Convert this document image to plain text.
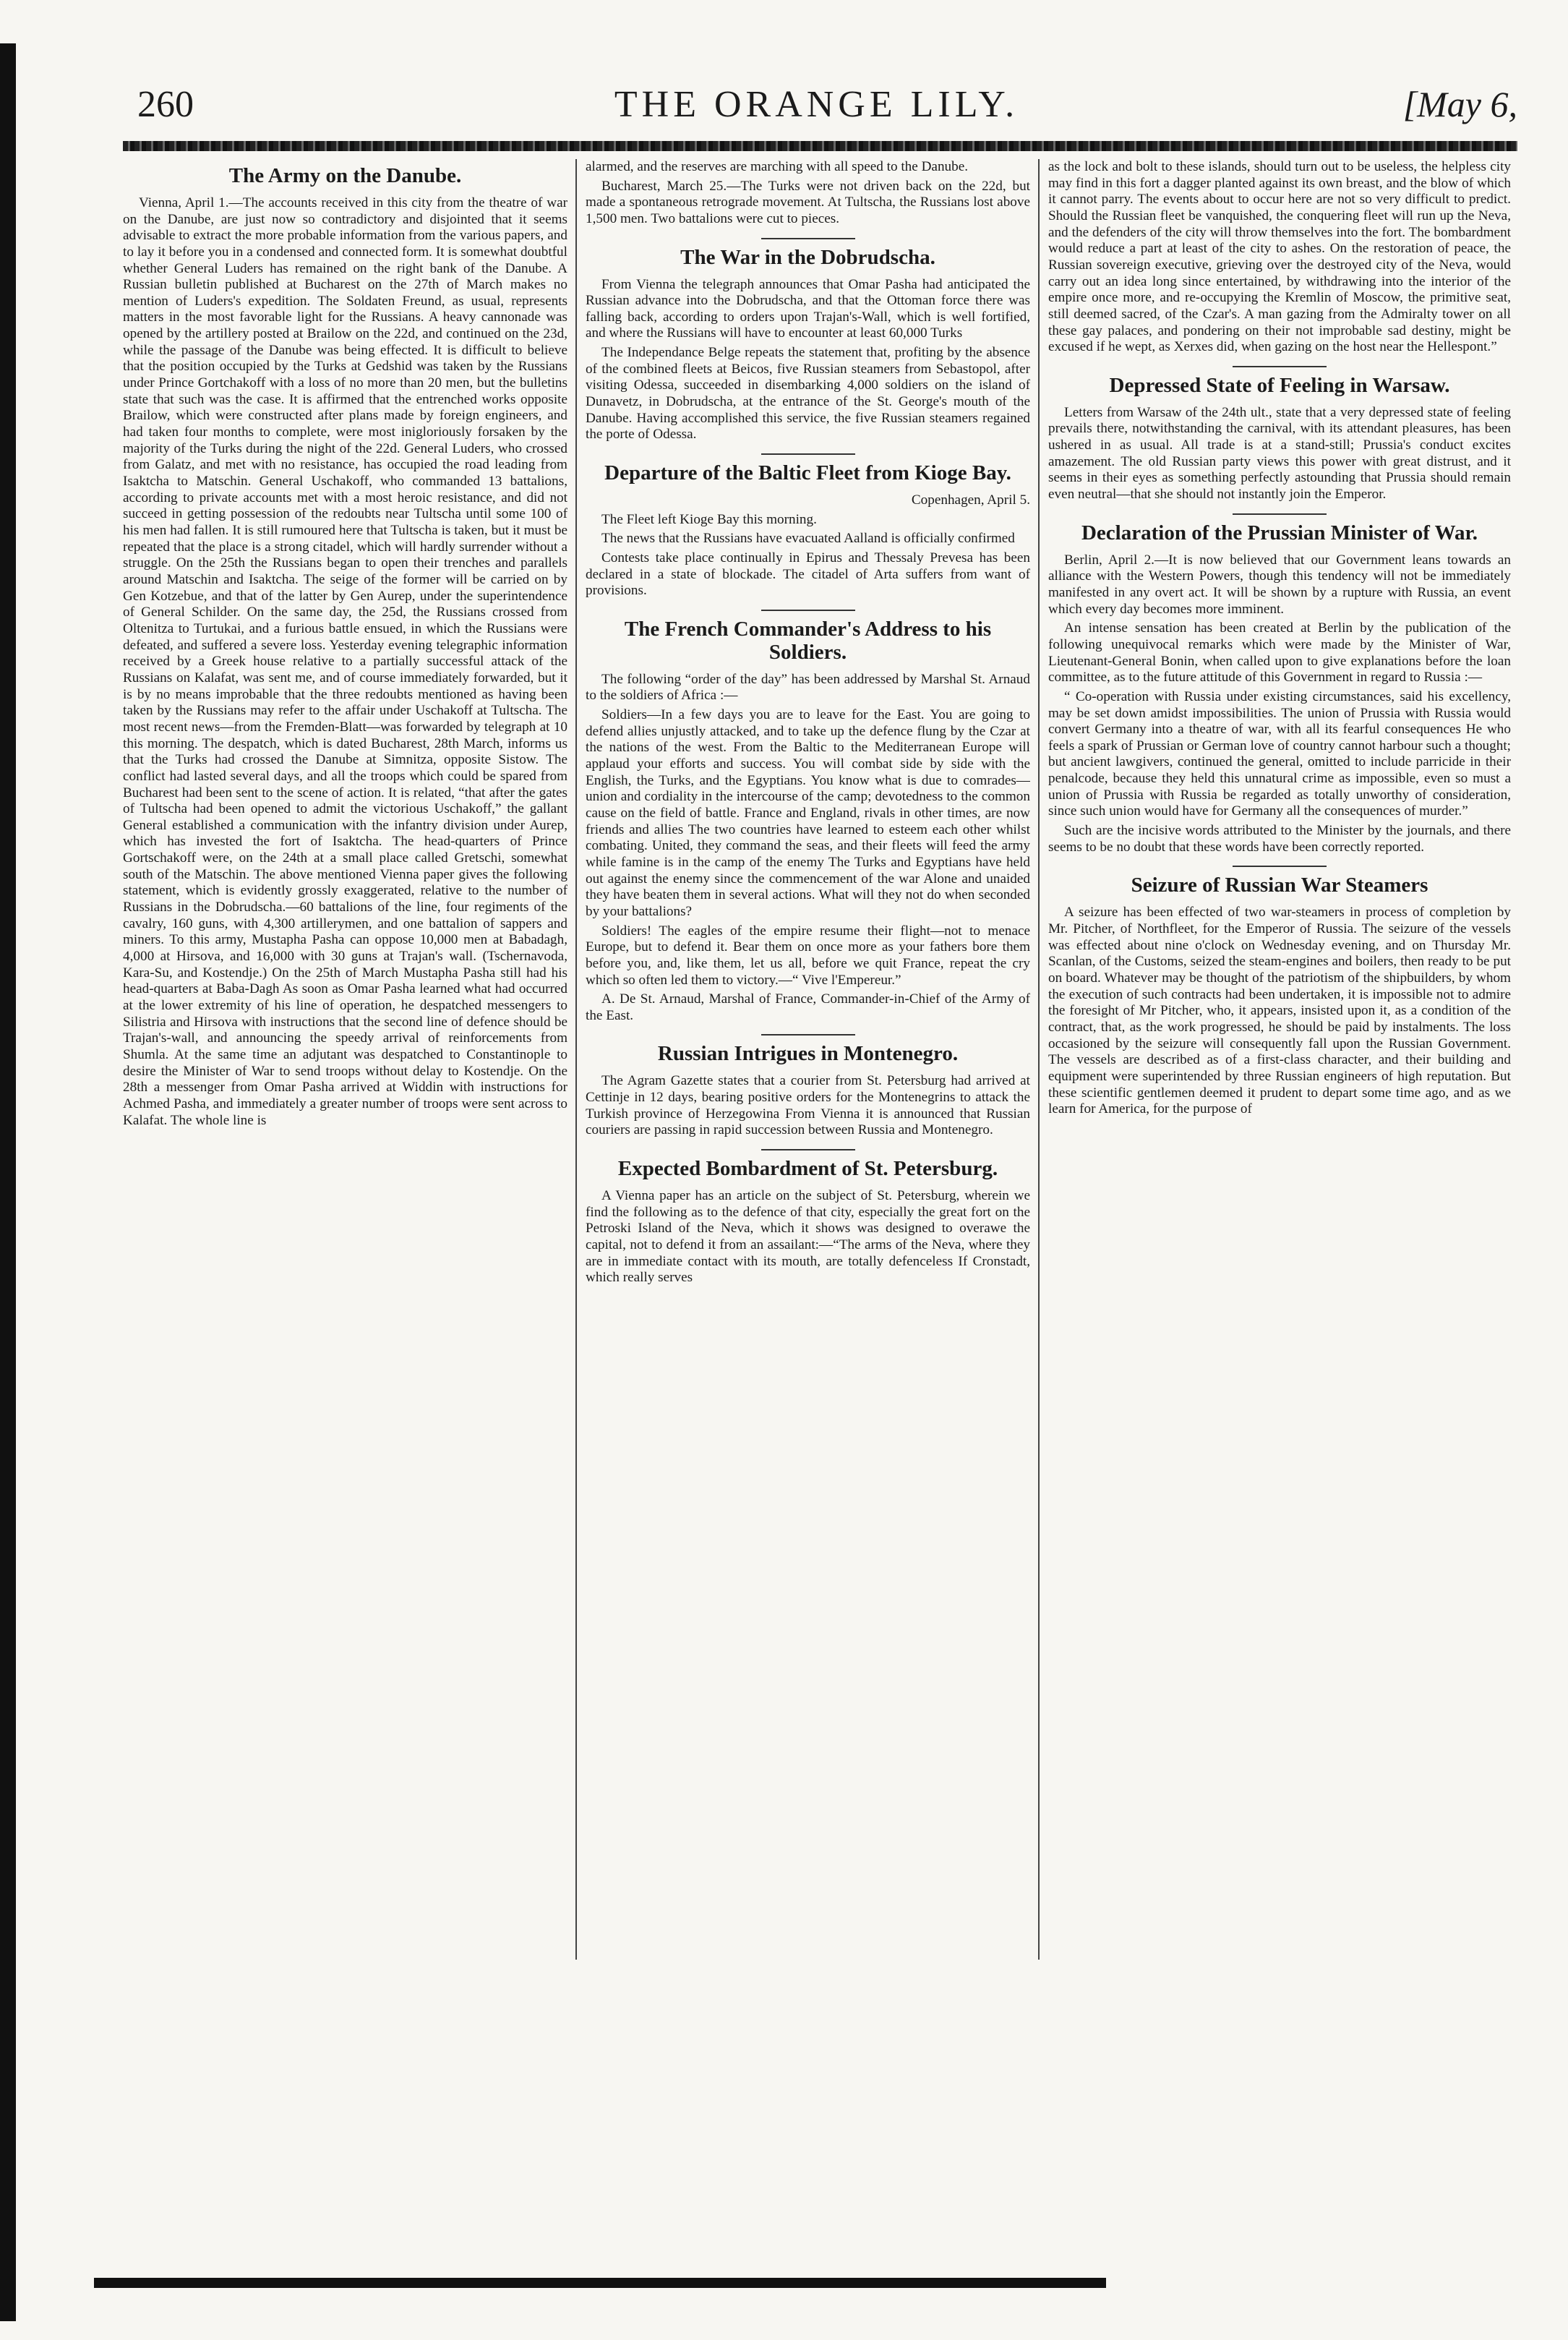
260	THE ORANGE LILY.	[May 6,
The Army on the Danube.

Vienna, April 1.—The accounts received in this city from the theatre of war on the Danube, are just now so contradictory and disjointed that it seems advisable to extract the more probable information from the various papers, and to lay it before you in a condensed and connected form. It is somewhat doubtful whether General Luders has remained on the right bank of the Danube. A Russian bulletin published at Bucharest on the 27th of March makes no mention of Luders's expedition. The Soldaten Freund, as usual, represents matters in the most favorable light for the Russians. A heavy cannonade was opened by the artillery posted at Brailow on the 22d, and continued on the 23d, while the passage of the Danube was being effected. It is difficult to believe that the position occupied by the Turks at Gedshid was taken by the Russians under Prince Gortchakoff with a loss of no more than 20 men, but the bulletins state that such was the case. It is affirmed that the entrenched works opposite Brailow, which were constructed after plans made by foreign engineers, and had taken four months to complete, were most inigloriously forsaken by the majority of the Turks during the night of the 22d. General Luders, who crossed from Galatz, and met with no resistance, has occupied the road leading from Isaktcha to Matschin. General Uschakoff, who commanded 13 battalions, according to private accounts met with a most heroic resistance, and did not succeed in getting possession of the redoubts near Tultscha until some 100 of his men had fallen. It is still rumoured here that Tultscha is taken, but it must be repeated that the place is a strong citadel, which will hardly surrender without a struggle. On the 25th the Russians began to open their trenches and parallels around Matschin and Isaktcha. The seige of the former will be carried on by Gen Kotzebue, and that of the latter by Gen Aurep, under the superintendence of General Schilder. On the same day, the 25d, the Russians crossed from Oltenitza to Turtukai, and a furious battle ensued, in which the Russians were defeated, and suffered a severe loss. Yesterday evening telegraphic information received by a Greek house relative to a partially successful attack of the Russians on Kalafat, was sent me, and of course immediately forwarded, but it is by no means improbable that the three redoubts mentioned as having been taken by the Russians may refer to the affair under Uschakoff at Tultscha. The most recent news—from the Fremden-Blatt—was forwarded by telegraph at 10 this morning. The despatch, which is dated Bucharest, 28th March, informs us that the Turks had crossed the Danube at Simnitza, opposite Sistow. The conflict had lasted several days, and all the troops which could be spared from Bucharest had been sent to the scene of action. It is related, “that after the gates of Tultscha had been opened to admit the victorious Uschakoff,” the gallant General established a communication with the infantry division under Aurep, which has invested the fort of Isaktcha. The head-quarters of Prince Gortschakoff were, on the 24th at a small place called Gretschi, somewhat south of the Matschin. The above mentioned Vienna paper gives the following statement, which is evidently grossly exaggerated, relative to the number of Russians in the Dobrudscha.—60 battalions of the line, four regiments of the cavalry, 160 guns, with 4,300 artillerymen, and one battalion of sappers and miners. To this army, Mustapha Pasha can oppose 10,000 men at Babadagh, 4,000 at Hirsova, and 16,000 with 30 guns at Trajan's wall. (Tschernavoda, Kara-Su, and Kostendje.) On the 25th of March Mustapha Pasha still had his head-quarters at Baba-Dagh As soon as Omar Pasha learned what had occurred at the lower extremity of his line of operation, he despatched messengers to Silistria and Hirsova with instructions that the second line of defence should be Trajan's-wall, and announcing the speedy arrival of reinforcements from Shumla. At the same time an adjutant was despatched to Constantinople to desire the Minister of War to send troops without delay to Kostendje. On the 28th a messenger from Omar Pasha arrived at Widdin with instructions for Achmed Pasha, and immediately a greater number of troops were sent across to Kalafat. The whole line is

alarmed, and the reserves are marching with all speed to the Danube.

Bucharest, March 25.—The Turks were not driven back on the 22d, but made a spontaneous retrograde movement. At Tultscha, the Russians lost above 1,500 men. Two battalions were cut to pieces.

The War in the Dobrudscha.

From Vienna the telegraph announces that Omar Pasha had anticipated the Russian advance into the Dobrudscha, and that the Ottoman force there was falling back, according to orders upon Trajan's-Wall, which is well fortified, and where the Russians will have to encounter at least 60,000 Turks

The Independance Belge repeats the statement that, profiting by the absence of the combined fleets at Beicos, five Russian steamers from Sebastopol, after visiting Odessa, succeeded in disembarking 4,000 soldiers on the island of Dunavetz, in Dobrudscha, at the entrance of the St. George's mouth of the Danube. Having accomplished this service, the five Russian steamers regained the porte of Odessa.

Departure of the Baltic Fleet from Kioge Bay.
Copenhagen, April 5.

The Fleet left Kioge Bay this morning.

The news that the Russians have evacuated Aalland is officially confirmed

Contests take place continually in Epirus and Thessaly Prevesa has been declared in a state of blockade. The citadel of Arta suffers from want of provisions.

The French Commander's Address to his Soldiers.

The following “order of the day” has been addressed by Marshal St. Arnaud to the soldiers of Africa :—

Soldiers—In a few days you are to leave for the East. You are going to defend allies unjustly attacked, and to take up the defence flung by the Czar at the nations of the west. From the Baltic to the Mediterranean Europe will applaud your efforts and success. You will combat side by side with the English, the Turks, and the Egyptians. You know what is due to comrades—union and cordiality in the intercourse of the camp; devotedness to the common cause on the field of battle. France and England, rivals in other times, are now friends and allies The two countries have learned to esteem each other whilst combating. United, they command the seas, and their fleets will feed the army while famine is in the camp of the enemy The Turks and Egyptians have held out against the enemy since the commencement of the war Alone and unaided they have beaten them in several actions. What will they not do when seconded by your battalions?

Soldiers! The eagles of the empire resume their flight—not to menace Europe, but to defend it. Bear them on once more as your fathers bore them before you, and, like them, let us all, before we quit France, repeat the cry which so often led them to victory.—“ Vive l'Empereur.”

A. De St. Arnaud, Marshal of France, Commander-in-Chief of the Army of the East.

Russian Intrigues in Montenegro.

The Agram Gazette states that a courier from St. Petersburg had arrived at Cettinje in 12 days, bearing positive orders for the Montenegrins to attack the Turkish province of Herzegowina From Vienna it is announced that Russian couriers are passing in rapid succession between Russia and Montenegro.

Expected Bombardment of St. Petersburg.

A Vienna paper has an article on the subject of St. Petersburg, wherein we find the following as to the defence of that city, especially the great fort on the Petroski Island of the Neva, which it shows was designed to overawe the capital, not to defend it from an assailant:—“The arms of the Neva, where they are in immediate contact with its mouth, are totally defenceless If Cronstadt, which really serves

as the lock and bolt to these islands, should turn out to be useless, the helpless city may find in this fort a dagger planted against its own breast, and the blow of which it cannot parry. The events about to occur here are not so very difficult to predict. Should the Russian fleet be vanquished, the conquering fleet will run up the Neva, and the defenders of the city will throw themselves into the fort. The bombardment would reduce a part at least of the city to ashes. On the restoration of peace, the Russian sovereign executive, grieving over the destroyed city of the Neva, would carry out an idea long since entertained, by withdrawing into the interior of the empire once more, and re-occupying the Kremlin of Moscow, the primitive seat, still deemed sacred, of the Czar's. A man gazing from the Admiralty tower on all these gay palaces, and pondering on their not improbable sad destiny, might be excused if he wept, as Xerxes did, when gazing on the host near the Hellespont.”

Depressed State of Feeling in Warsaw.

Letters from Warsaw of the 24th ult., state that a very depressed state of feeling prevails there, notwithstanding the carnival, with its attendant pleasures, has been ushered in as usual. All trade is at a stand-still; Prussia's conduct excites amazement. The old Russian party views this power with great distrust, and it seems in their eyes as something perfectly astounding that Prussia should remain even neutral—that she should not instantly join the Emperor.

Declaration of the Prussian Minister of War.

Berlin, April 2.—It is now believed that our Government leans towards an alliance with the Western Powers, though this tendency will not be immediately manifested in any overt act. It will be shown by a rupture with Russia, an event which every day becomes more imminent.

An intense sensation has been created at Berlin by the publication of the following unequivocal remarks which were made by the Minister of War, Lieutenant-General Bonin, when called upon to give explanations before the loan committee, as to the future attitude of this Government in regard to Russia :—

“ Co-operation with Russia under existing circumstances, said his excellency, may be set down amidst impossibilities. The union of Prussia with Russia would convert Germany into a theatre of war, with all its fearful consequences He who feels a spark of Prussian or German love of country cannot harbour such a thought; but ancient lawgivers, continued the general, omitted to include parricide in their penalcode, because they held this unnatural crime as impossible, even so must a union of Prussia with Russia be regarded as totally unworthy of consideration, since such union would have for Germany all the consequences of murder.”

Such are the incisive words attributed to the Minister by the journals, and there seems to be no doubt that these words have been correctly reported.

Seizure of Russian War Steamers

A seizure has been effected of two war-steamers in process of completion by Mr. Pitcher, of Northfleet, for the Emperor of Russia. The seizure of the vessels was effected about nine o'clock on Wednesday evening, and on Thursday Mr. Scanlan, of the Customs, seized the steam-engines and boilers, then ready to be put on board. Whatever may be thought of the patriotism of the shipbuilders, by whom the execution of such contracts had been undertaken, it is impossible not to admire the foresight of Mr Pitcher, who, it appears, insisted upon it, as a condition of the contract, that, as the work progressed, he should be paid by instalments. The loss occasioned by the seizure will consequently fall upon the Russian Government. The vessels are described as of a first-class character, and their building and equipment were superintended by three Russian engineers of high reputation. But these scientific gentlemen deemed it prudent to depart some time ago, and as we learn for America, for the purpose of
